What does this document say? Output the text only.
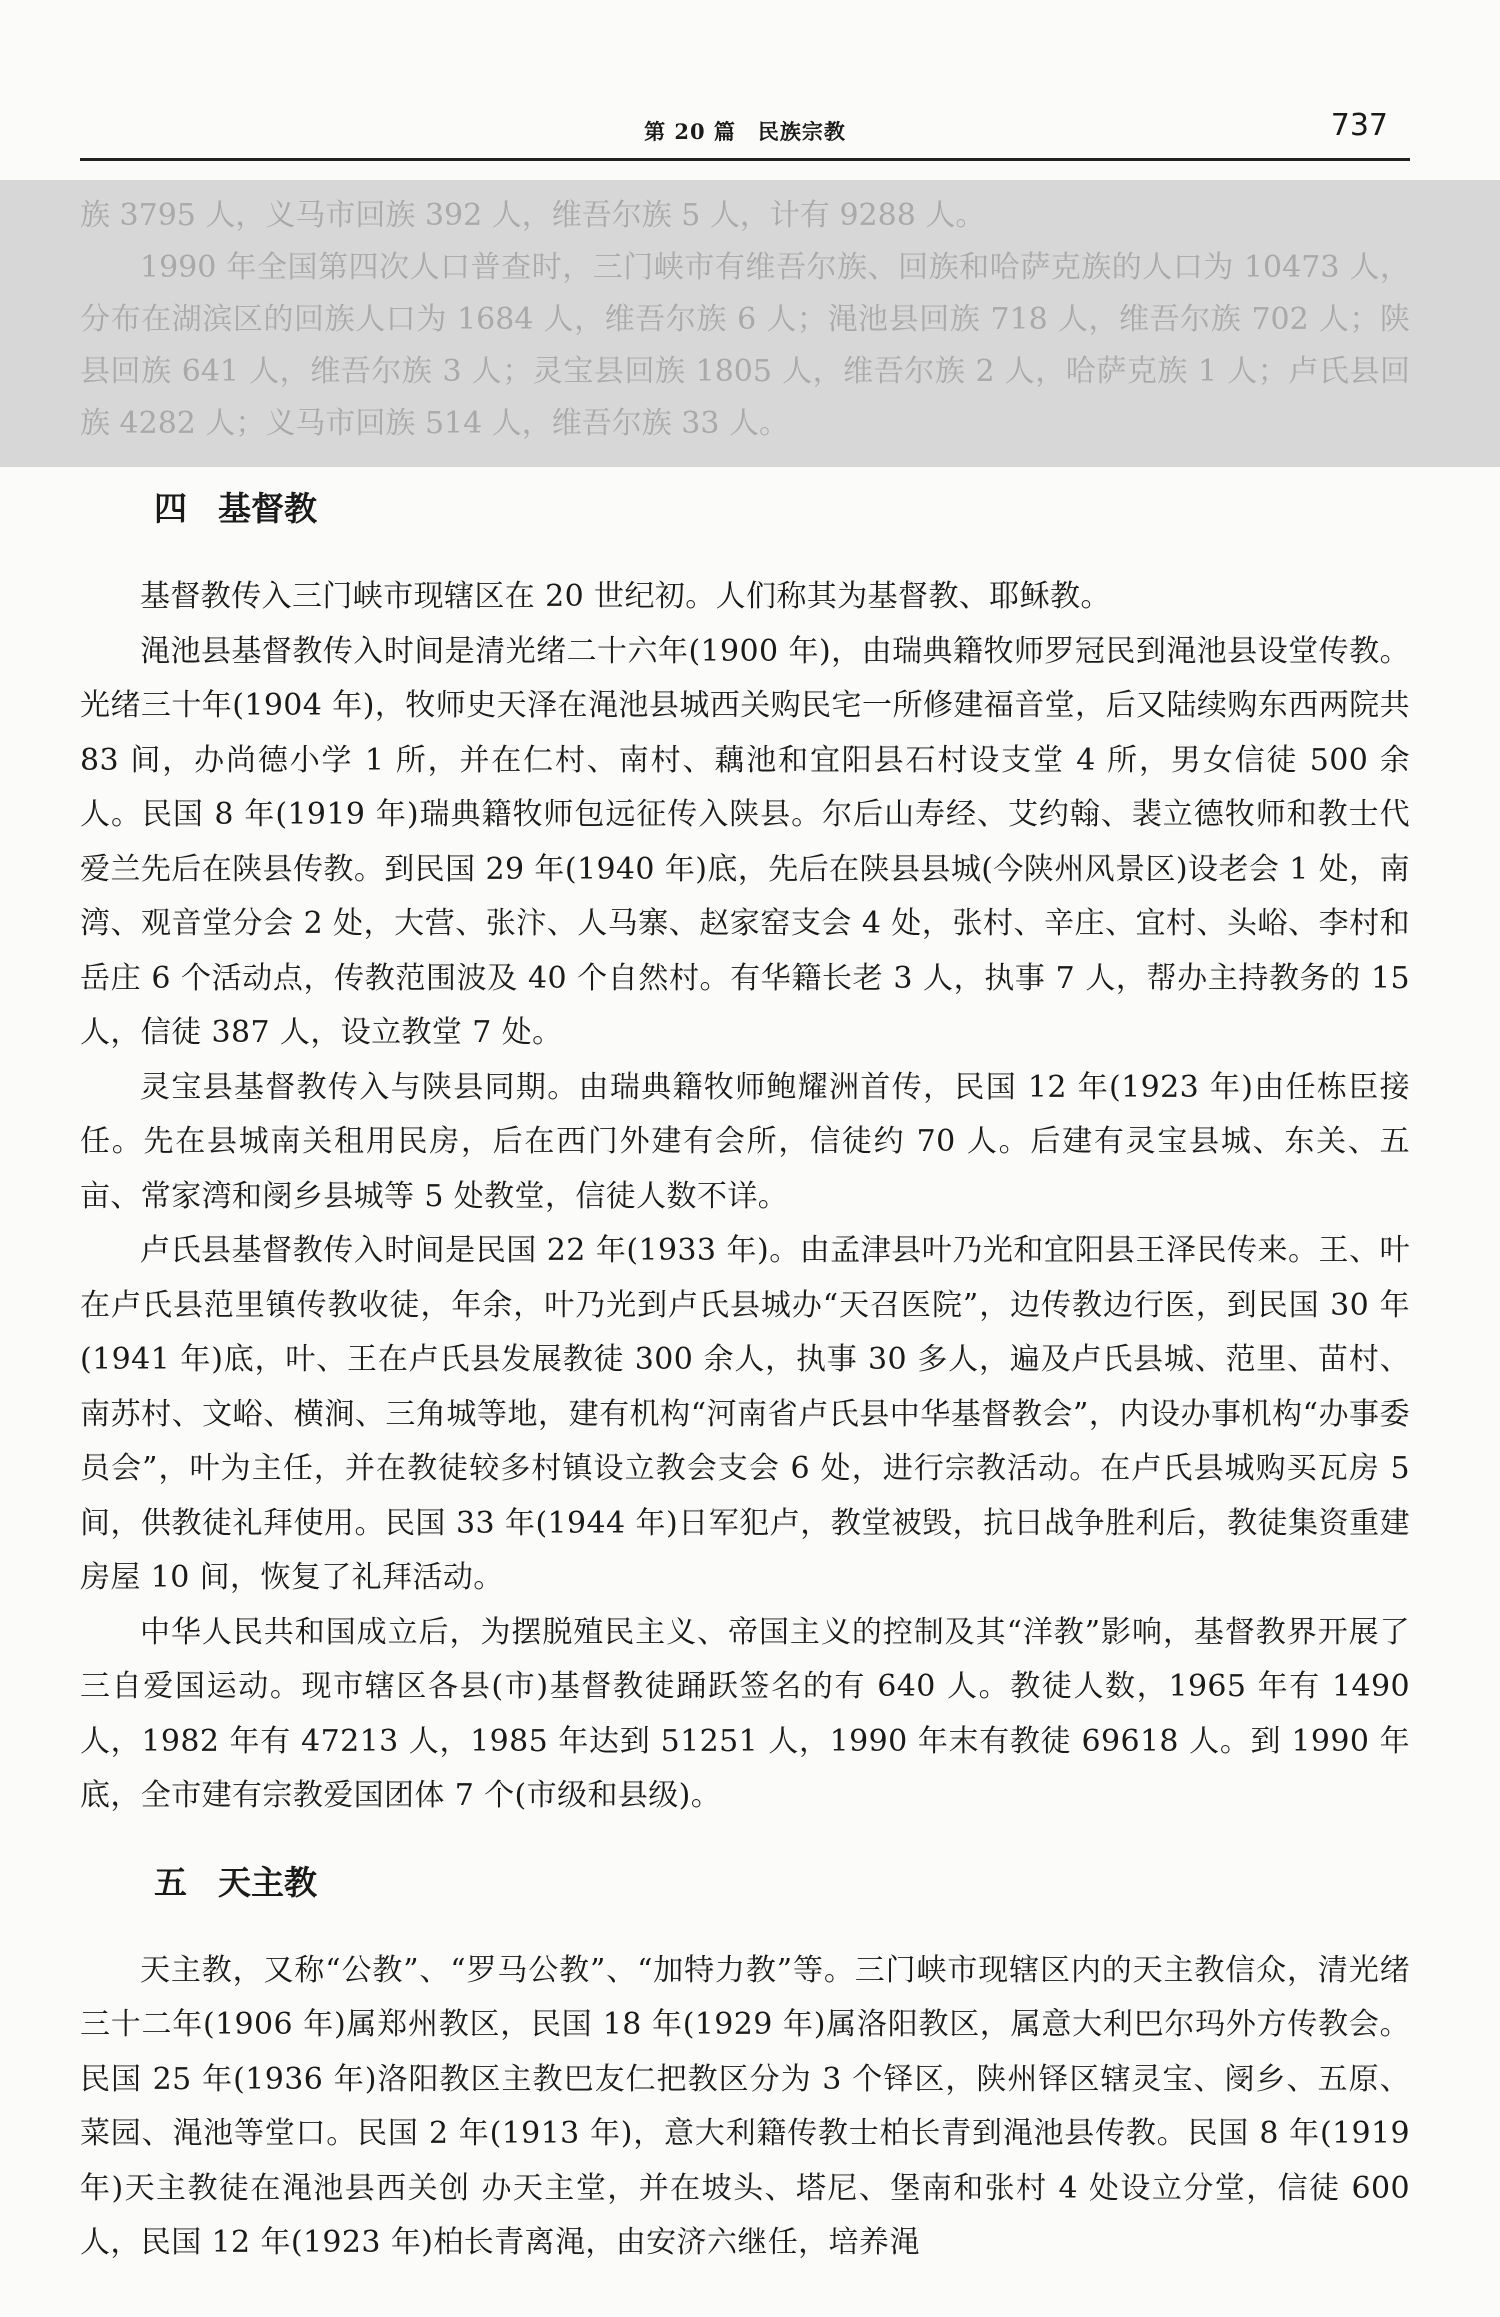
第 20 篇　民族宗教	737

族 3795 人，义马市回族 392 人，维吾尔族 5 人，计有 9288 人。

1990 年全国第四次人口普查时，三门峡市有维吾尔族、回族和哈萨克族的人口为 10473 人，分布在湖滨区的回族人口为 1684 人，维吾尔族 6 人；渑池县回族 718 人，维吾尔族 702 人；陕县回族 641 人，维吾尔族 3 人；灵宝县回族 1805 人，维吾尔族 2 人，哈萨克族 1 人；卢氏县回族 4282 人；义马市回族 514 人，维吾尔族 33 人。

四 基督教

基督教传入三门峡市现辖区在 20 世纪初。人们称其为基督教、耶稣教。

渑池县基督教传入时间是清光绪二十六年(1900 年)，由瑞典籍牧师罗冠民到渑池县设堂传教。光绪三十年(1904 年)，牧师史天泽在渑池县城西关购民宅一所修建福音堂，后又陆续购东西两院共 83 间，办尚德小学 1 所，并在仁村、南村、藕池和宜阳县石村设支堂 4 所，男女信徒 500 余人。民国 8 年(1919 年)瑞典籍牧师包远征传入陕县。尔后山寿经、艾约翰、裴立德牧师和教士代爱兰先后在陕县传教。到民国 29 年(1940 年)底，先后在陕县县城(今陕州风景区)设老会 1 处，南湾、观音堂分会 2 处，大营、张汴、人马寨、赵家窑支会 4 处，张村、辛庄、宜村、头峪、李村和岳庄 6 个活动点，传教范围波及 40 个自然村。有华籍长老 3 人，执事 7 人，帮办主持教务的 15 人，信徒 387 人，设立教堂 7 处。

灵宝县基督教传入与陕县同期。由瑞典籍牧师鲍耀洲首传，民国 12 年(1923 年)由任栋臣接任。先在县城南关租用民房，后在西门外建有会所，信徒约 70 人。后建有灵宝县城、东关、五亩、常家湾和阌乡县城等 5 处教堂，信徒人数不详。

卢氏县基督教传入时间是民国 22 年(1933 年)。由孟津县叶乃光和宜阳县王泽民传来。王、叶在卢氏县范里镇传教收徒，年余，叶乃光到卢氏县城办“天召医院”，边传教边行医，到民国 30 年(1941 年)底，叶、王在卢氏县发展教徒 300 余人，执事 30 多人，遍及卢氏县城、范里、苗村、南苏村、文峪、横涧、三角城等地，建有机构“河南省卢氏县中华基督教会”，内设办事机构“办事委员会”，叶为主任，并在教徒较多村镇设立教会支会 6 处，进行宗教活动。在卢氏县城购买瓦房 5 间，供教徒礼拜使用。民国 33 年(1944 年)日军犯卢，教堂被毁，抗日战争胜利后，教徒集资重建房屋 10 间，恢复了礼拜活动。

中华人民共和国成立后，为摆脱殖民主义、帝国主义的控制及其“洋教”影响，基督教界开展了三自爱国运动。现市辖区各县(市)基督教徒踊跃签名的有 640 人。教徒人数，1965 年有 1490 人，1982 年有 47213 人，1985 年达到 51251 人，1990 年末有教徒 69618 人。到 1990 年底，全市建有宗教爱国团体 7 个(市级和县级)。

五 天主教

天主教，又称“公教”、“罗马公教”、“加特力教”等。三门峡市现辖区内的天主教信众，清光绪三十二年(1906 年)属郑州教区，民国 18 年(1929 年)属洛阳教区，属意大利巴尔玛外方传教会。民国 25 年(1936 年)洛阳教区主教巴友仁把教区分为 3 个铎区，陕州铎区辖灵宝、阌乡、五原、菜园、渑池等堂口。民国 2 年(1913 年)，意大利籍传教士柏长青到渑池县传教。民国 8 年(1919 年)天主教徒在渑池县西关创 办天主堂，并在坡头、塔尼、堡南和张村 4 处设立分堂，信徒 600 人，民国 12 年(1923 年)柏长青离渑，由安济六继任，培养渑
